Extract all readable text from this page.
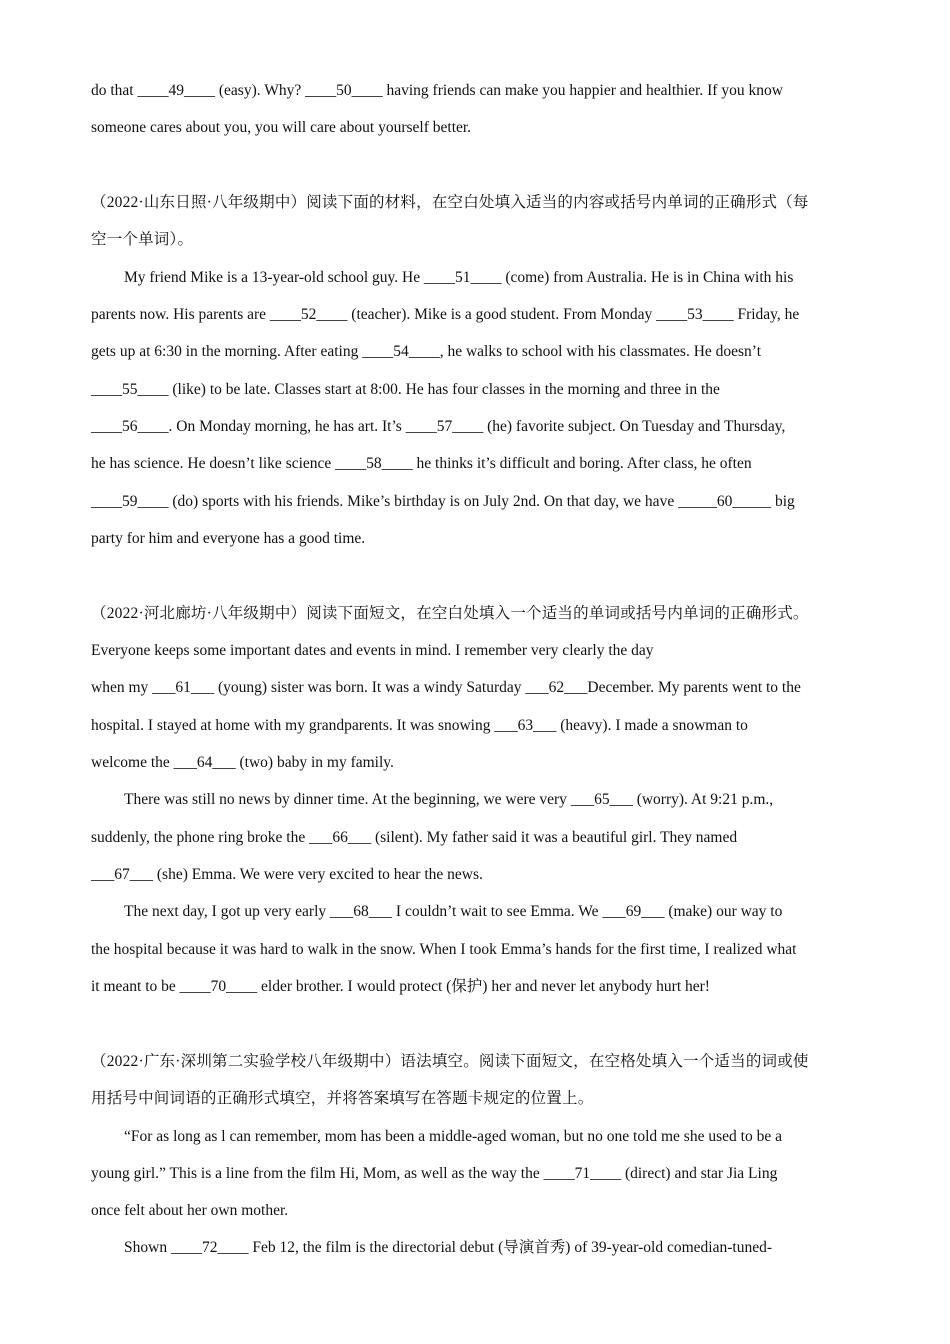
do that ____49____ (easy). Why? ____50____ having friends can make you happier and healthier. If you know
someone cares about you, you will care about yourself better.
（2022·山东日照·八年级期中）阅读下面的材料，在空白处填入适当的内容或括号内单词的正确形式（每
空一个单词）。
My friend Mike is a 13-year-old school guy. He ____51____ (come) from Australia. He is in China with his
parents now. His parents are ____52____ (teacher). Mike is a good student. From Monday ____53____ Friday, he
gets up at 6:30 in the morning. After eating ____54____, he walks to school with his classmates. He doesn’t
____55____ (like) to be late. Classes start at 8:00. He has four classes in the morning and three in the
____56____. On Monday morning, he has art. It’s ____57____ (he) favorite subject. On Tuesday and Thursday,
he has science. He doesn’t like science ____58____ he thinks it’s difficult and boring. After class, he often
____59____ (do) sports with his friends. Mike’s birthday is on July 2nd. On that day, we have _____60_____ big
party for him and everyone has a good time.
（2022·河北廊坊·八年级期中）阅读下面短文，在空白处填入一个适当的单词或括号内单词的正确形式。
Everyone keeps some important dates and events in mind. I remember very clearly the day
when my ___61___ (young) sister was born. It was a windy Saturday ___62___December. My parents went to the
hospital. I stayed at home with my grandparents. It was snowing ___63___ (heavy). I made a snowman to
welcome the ___64___ (two) baby in my family.
There was still no news by dinner time. At the beginning, we were very ___65___ (worry). At 9:21 p.m.,
suddenly, the phone ring broke the ___66___ (silent). My father said it was a beautiful girl. They named
___67___ (she) Emma. We were very excited to hear the news.
The next day, I got up very early ___68___ I couldn’t wait to see Emma. We ___69___ (make) our way to
the hospital because it was hard to walk in the snow. When I took Emma’s hands for the first time, I realized what
it meant to be ____70____ elder brother. I would protect (保护) her and never let anybody hurt her!
（2022·广东·深圳第二实验学校八年级期中）语法填空。阅读下面短文，在空格处填入一个适当的词或使
用括号中间词语的正确形式填空，并将答案填写在答题卡规定的位置上。
“For as long as l can remember, mom has been a middle-aged woman, but no one told me she used to be a
young girl.” This is a line from the film Hi, Mom, as well as the way the ____71____ (direct) and star Jia Ling
once felt about her own mother.
Shown ____72____ Feb 12, the film is the directorial debut (导演首秀) of 39-year-old comedian-tuned-
